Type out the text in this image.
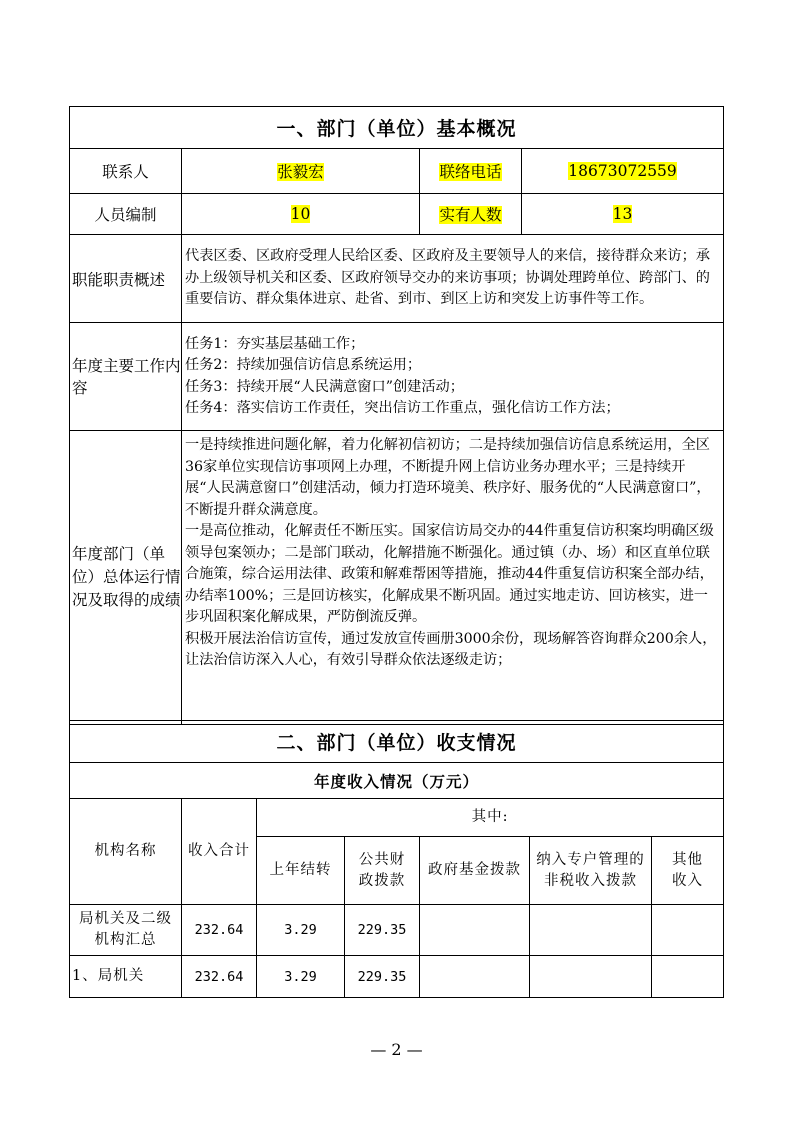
一、部门（单位）基本概况			
联系人	张毅宏	联络电话	18673072559
人员编制	10	实有人数	13
职能职责概述	代表区委、区政府受理人民给区委、区政府及主要领导人的来信，接待群众来访；承办上级领导机关和区委、区政府领导交办的来访事项；协调处理跨单位、跨部门、的重要信访、群众集体进京、赴省、到市、到区上访和突发上访事件等工作。		
年度主要工作内容	任务1：夯实基层基础工作；
任务2：持续加强信访信息系统运用；
任务3：持续开展“人民满意窗口”创建活动；
任务4：落实信访工作责任，突出信访工作重点，强化信访工作方法；		

年度部门（单位）总体运行情况及取得的成绩	一是持续推进问题化解，着力化解初信初访；二是持续加强信访信息系统运用，全区36家单位实现信访事项网上办理，不断提升网上信访业务办理水平；三是持续开展“人民满意窗口”创建活动，倾力打造环境美、秩序好、服务优的“人民满意窗口”，不断提升群众满意度。
一是高位推动，化解责任不断压实。国家信访局交办的44件重复信访积案均明确区级领导包案领办；二是部门联动，化解措施不断强化。通过镇（办、场）和区直单位联合施策，综合运用法律、政策和解难帮困等措施，推动44件重复信访积案全部办结，办结率100%；三是回访核实，化解成果不断巩固。通过实地走访、回访核实，进一步巩固积案化解成果，严防倒流反弹。
积极开展法治信访宣传，通过发放宣传画册3000余份，现场解答咨询群众200余人，让法治信访深入人心，有效引导群众依法逐级走访；		
二、部门（单位）收支情况						
年度收入情况（万元）						
机构名称	收入合计	其中:				
		上年结转	公共财政拨款	政府基金拨款	纳入专户管理的非税收入拨款	其他收入
局机关及二级机构汇总	232.64	3.29	229.35			
1、局机关	232.64	3.29	229.35			
— 2 —
